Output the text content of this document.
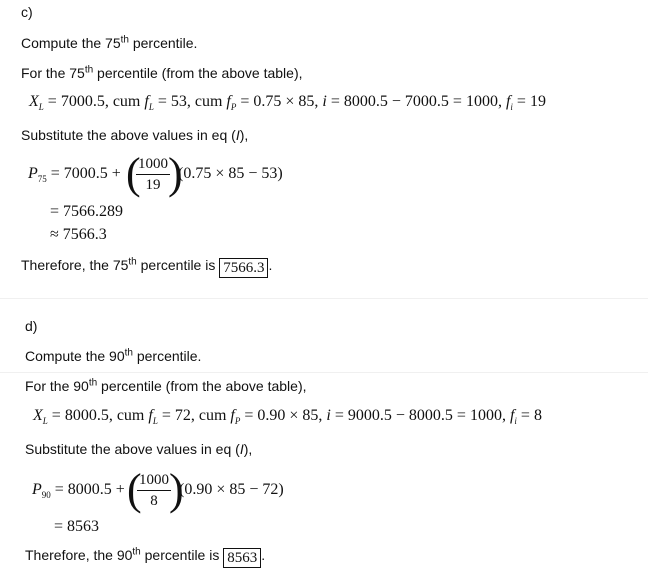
c)
Compute the 75th percentile.
For the 75th percentile (from the above table),
$X_L = 7000.5$, cum $f_L = 53$, cum $f_P = 0.75 \times 85$, i = 8000.5 − 7000.5 = 1000, $f_i = 19$
Substitute the above values in eq (I),
$P_{75} = 7000.5$ + (
$\frac{1000}{19}$
)
(0.75 × 85 − 53)
= 7566.289
≈ 7566.3
Therefore, the 75th percentile is 7566.3 .
d)
Compute the 90th percentile.
For the 90th percentile (from the above table),
$X_L = 8000.5$, cum $f_L = 72$, cum $f_P = 0.90 \times 85$, i = 9000.5 − 8000.5 = 1000, $f_i = 8$
Substitute the above values in eq (I),
$P_{90} = 8000.5$ + (
$\frac{1000}{8}$
)
(0.90 × 85 − 72)
= 8563
Therefore, the 90th percentile is 8563 .
